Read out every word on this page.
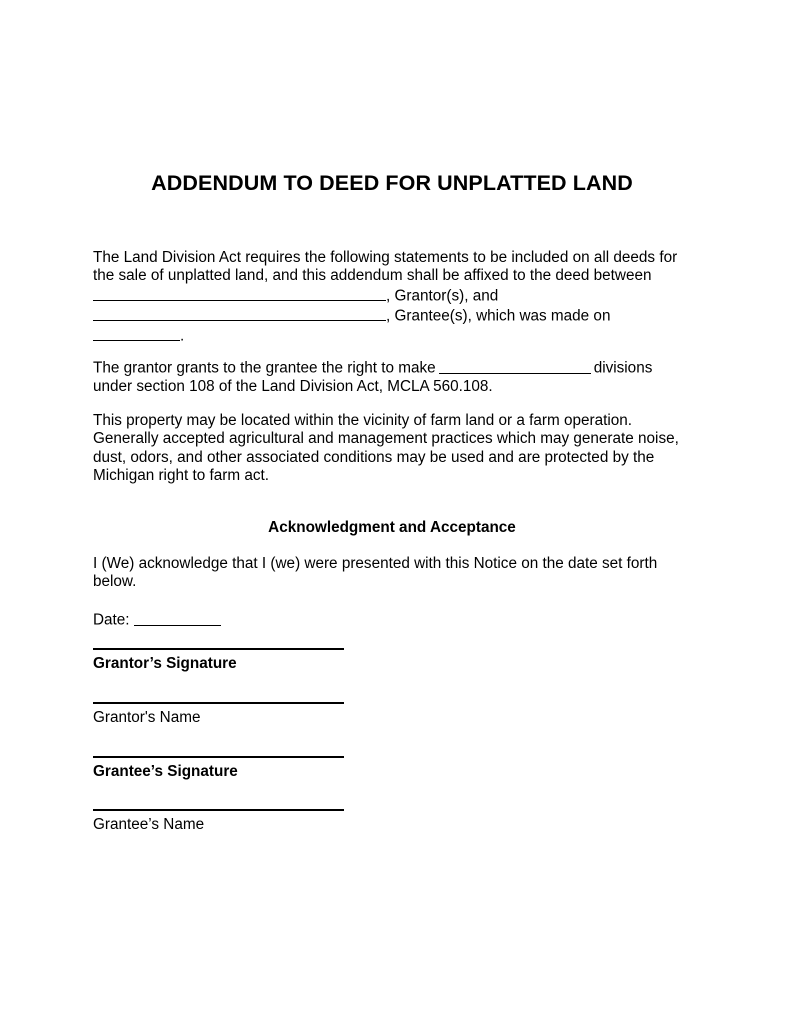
ADDENDUM TO DEED FOR UNPLATTED LAND
The Land Division Act requires the following statements to be included on all deeds for the sale of unplatted land, and this addendum shall be affixed to the deed between
, Grantor(s), and
, Grantee(s), which was made on
.
The grantor grants to the grantee the right to make	divisions
under section 108 of the Land Division Act, MCLA 560.108.
This property may be located within the vicinity of farm land or a farm operation. Generally accepted agricultural and management practices which may generate noise, dust, odors, and other associated conditions may be used and are protected by the Michigan right to farm act.
Acknowledgment and Acceptance
I (We) acknowledge that I (we) were presented with this Notice on the date set forth below.
Date:
Grantor’s Signature
Grantor's Name
Grantee’s Signature
Grantee’s Name
